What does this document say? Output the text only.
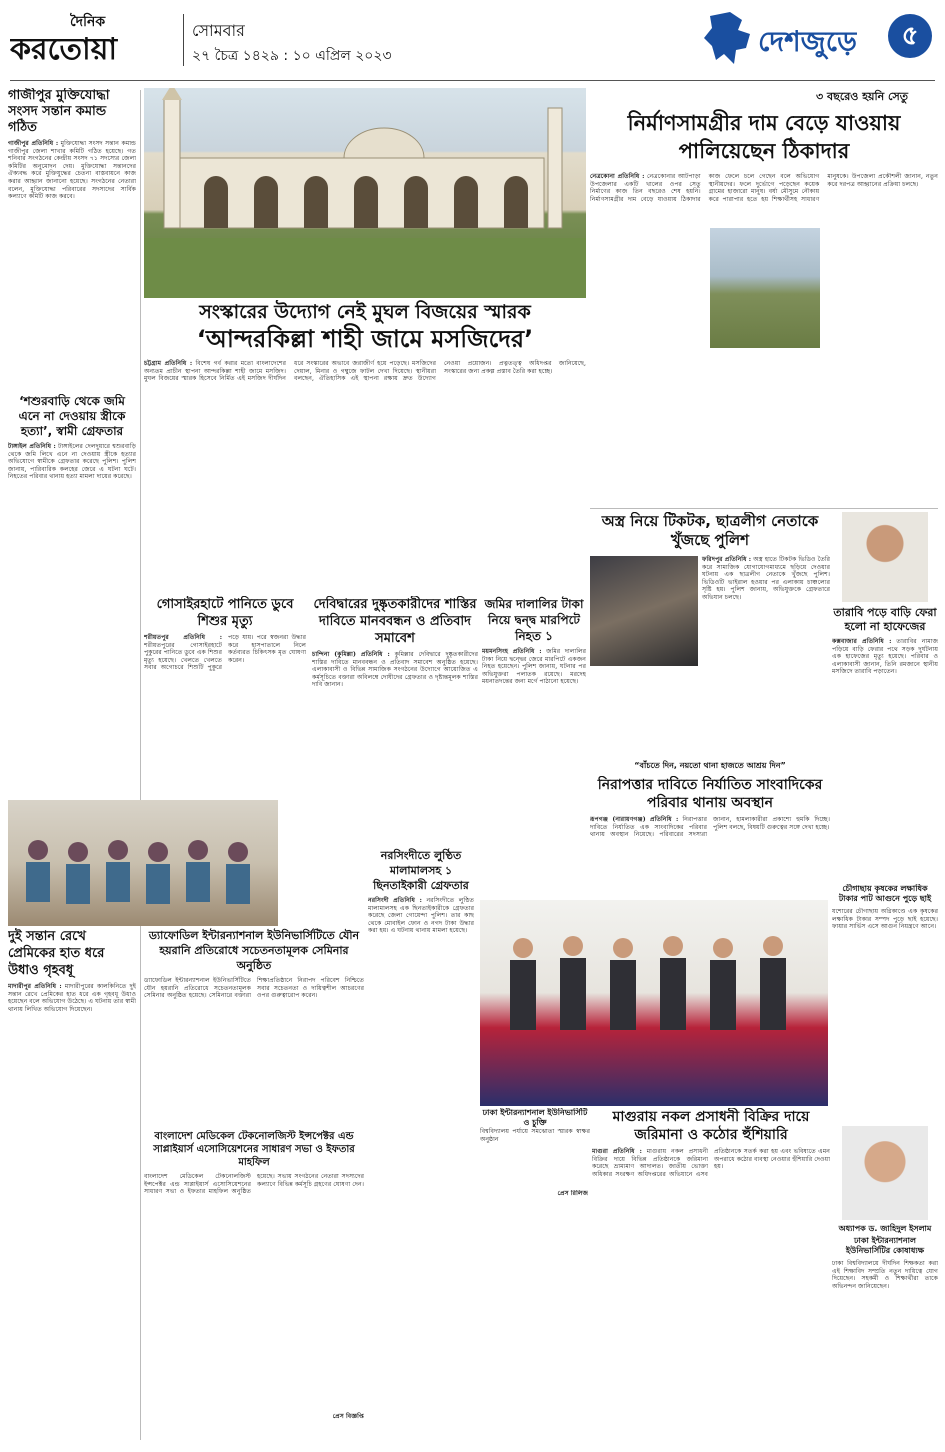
দৈনিক
করতোয়া
সোমবার
২৭ চৈত্র ১৪২৯ : ১০ এপ্রিল ২০২৩	দেশজুড়ে	৫
গাজীপুর মুক্তিযোদ্ধা সংসদ সন্তান কমান্ড গঠিত
গাজীপুর প্রতিনিধি : মুক্তিযোদ্ধা সংসদ সন্তান কমান্ড গাজীপুর জেলা শাখার কমিটি গঠিত হয়েছে। গত শনিবার সংগঠনের কেন্দ্রীয় সংসদ ৭১ সদস্যের জেলা কমিটির অনুমোদন দেয়। মুক্তিযোদ্ধা সন্তানদের ঐক্যবদ্ধ করে মুক্তিযুদ্ধের চেতনা বাস্তবায়নে কাজ করার আহ্বান জানানো হয়েছে। সংগঠনের নেতারা বলেন, মুক্তিযোদ্ধা পরিবারের সদস্যদের সার্বিক কল্যাণে কমিটি কাজ করবে।
‘শশুরবাড়ি থেকে জমি এনে না দেওয়ায় স্ত্রীকে হত্যা’, স্বামী গ্রেফতার
টাঙ্গাইল প্রতিনিধি : টাঙ্গাইলের দেলদুয়ারে শ্বশুরবাড়ি থেকে জমি লিখে এনে না দেওয়ায় স্ত্রীকে হত্যার অভিযোগে স্বামীকে গ্রেফতার করেছে পুলিশ। পুলিশ জানায়, পারিবারিক কলহের জেরে এ ঘটনা ঘটে। নিহতের পরিবার থানায় হত্যা মামলা দায়ের করেছে।
সংস্কারের উদ্যোগ নেই মুঘল বিজয়ের স্মারক
‘আন্দরকিল্লা শাহী জামে মসজিদের’
চট্টগ্রাম প্রতিনিধি : বিশেষ গর্ব করার মতো বাংলাদেশের অন্যতম প্রাচীন স্থাপনা আন্দরকিল্লা শাহী জামে মসজিদ। মুঘল বিজয়ের স্মারক হিসেবে নির্মিত এই মসজিদ দীর্ঘদিন ধরে সংস্কারের অভাবে জরাজীর্ণ হয়ে পড়েছে। মসজিদের দেয়াল, মিনার ও গম্বুজে ফাটল দেখা দিয়েছে। স্থানীয়রা বলছেন, ঐতিহাসিক এই স্থাপনা রক্ষায় দ্রুত উদ্যোগ নেওয়া প্রয়োজন। প্রত্নতত্ত্ব অধিদপ্তর জানিয়েছে, সংস্কারের জন্য প্রকল্প প্রস্তাব তৈরি করা হচ্ছে।
৩ বছরেও হয়নি সেতু
নির্মাণসামগ্রীর দাম বেড়ে যাওয়ায় পালিয়েছেন ঠিকাদার
নেত্রকোনা প্রতিনিধি : নেত্রকোনার আটপাড়া উপজেলার একটি খালের ওপর সেতু নির্মাণের কাজ তিন বছরেও শেষ হয়নি। নির্মাণসামগ্রীর দাম বেড়ে যাওয়ায় ঠিকাদার কাজ ফেলে চলে গেছেন বলে অভিযোগ স্থানীয়দের। ফলে দুর্ভোগে পড়েছেন কয়েক গ্রামের হাজারো মানুষ। বর্ষা মৌসুমে নৌকায় করে পারাপার হতে হয় শিক্ষার্থীসহ সাধারণ মানুষকে। উপজেলা প্রকৌশলী জানান, নতুন করে দরপত্র আহ্বানের প্রক্রিয়া চলছে।
অস্ত্র নিয়ে টিকটক, ছাত্রলীগ নেতাকে খুঁজছে পুলিশ
ফরিদপুর প্রতিনিধি : অস্ত্র হাতে টিকটক ভিডিও তৈরি করে সামাজিক যোগাযোগমাধ্যমে ছড়িয়ে দেওয়ার ঘটনায় এক ছাত্রলীগ নেতাকে খুঁজছে পুলিশ। ভিডিওটি ভাইরাল হওয়ার পর এলাকায় চাঞ্চল্যের সৃষ্টি হয়। পুলিশ জানায়, অভিযুক্তকে গ্রেফতারে অভিযান চলছে।
“বাঁচতে দিন, নয়তো থানা হাজতে আশ্রয় দিন”
তারাবি পড়ে বাড়ি ফেরা হলো না হাফেজের
কক্সবাজার প্রতিনিধি : তারাবির নামাজ পড়িয়ে বাড়ি ফেরার পথে সড়ক দুর্ঘটনায় এক হাফেজের মৃত্যু হয়েছে। পরিবার ও এলাকাবাসী জানান, তিনি রমজানে স্থানীয় মসজিদে তারাবি পড়াতেন।
নিরাপত্তার দাবিতে নির্যাতিত সাংবাদিকের পরিবার থানায় অবস্থান
রূপগঞ্জ (নারায়ণগঞ্জ) প্রতিনিধি : নিরাপত্তার দাবিতে নির্যাতিত এক সাংবাদিকের পরিবার থানায় অবস্থান নিয়েছে। পরিবারের সদস্যরা জানান, হামলাকারীরা প্রকাশ্যে হুমকি দিচ্ছে। পুলিশ বলছে, বিষয়টি গুরুত্বের সঙ্গে দেখা হচ্ছে।
চৌগাছায় কৃষকের লক্ষাধিক টাকার পাট আগুনে পুড়ে ছাই
যশোরের চৌগাছায় অগ্নিকাণ্ডে এক কৃষকের লক্ষাধিক টাকার সম্পদ পুড়ে ছাই হয়েছে। ফায়ার সার্ভিস এসে আগুন নিয়ন্ত্রণে আনে।
গোসাইরহাটে পানিতে ডুবে শিশুর মৃত্যু
শরীয়তপুর প্রতিনিধি : শরীয়তপুরের গোসাইরহাটে পুকুরের পানিতে ডুবে এক শিশুর মৃত্যু হয়েছে। খেলতে খেলতে সবার অগোচরে শিশুটি পুকুরে পড়ে যায়। পরে স্বজনরা উদ্ধার করে হাসপাতালে নিলে কর্তব্যরত চিকিৎসক মৃত ঘোষণা করেন।
দেবিদ্বারের দুষ্কৃতকারীদের শাস্তির দাবিতে মানববন্ধন ও প্রতিবাদ সমাবেশ
চান্দিনা (কুমিল্লা) প্রতিনিধি : কুমিল্লার দেবিদ্বারে দুষ্কৃতকারীদের শাস্তির দাবিতে মানববন্ধন ও প্রতিবাদ সমাবেশ অনুষ্ঠিত হয়েছে। এলাকাবাসী ও বিভিন্ন সামাজিক সংগঠনের উদ্যোগে আয়োজিত এ কর্মসূচিতে বক্তারা অবিলম্বে দোষীদের গ্রেফতার ও দৃষ্টান্তমূলক শাস্তির দাবি জানান।
জমির দালালির টাকা নিয়ে দ্বন্দ্ব মারপিটে নিহত ১
ময়মনসিংহ প্রতিনিধি : জমির দালালির টাকা নিয়ে দ্বন্দ্বের জেরে মারপিটে একজন নিহত হয়েছেন। পুলিশ জানায়, ঘটনার পর অভিযুক্তরা পলাতক রয়েছে। মরদেহ ময়নাতদন্তের জন্য মর্গে পাঠানো হয়েছে।
দুই সন্তান রেখে প্রেমিকের হাত ধরে উধাও গৃহবধূ
মাদারীপুর প্রতিনিধি : মাদারীপুরের কালকিনিতে দুই সন্তান রেখে প্রেমিকের হাত ধরে এক গৃহবধূ উধাও হয়েছেন বলে অভিযোগ উঠেছে। এ ঘটনায় তার স্বামী থানায় লিখিত অভিযোগ দিয়েছেন।
নরসিংদীতে লুণ্ঠিত মালামালসহ ১ ছিনতাইকারী গ্রেফতার
নরসিংদী প্রতিনিধি : নরসিংদীতে লুণ্ঠিত মালামালসহ এক ছিনতাইকারীকে গ্রেফতার করেছে জেলা গোয়েন্দা পুলিশ। তার কাছ থেকে মোবাইল ফোন ও নগদ টাকা উদ্ধার করা হয়। এ ঘটনায় থানায় মামলা হয়েছে।
ড্যাফোডিল ইন্টারন্যাশনাল ইউনিভার্সিটিতে যৌন হয়রানি প্রতিরোধে সচেতনতামূলক সেমিনার অনুষ্ঠিত
ড্যাফোডিল ইন্টারন্যাশনাল ইউনিভার্সিটিতে যৌন হয়রানি প্রতিরোধে সচেতনতামূলক সেমিনার অনুষ্ঠিত হয়েছে। সেমিনারে বক্তারা শিক্ষাপ্রতিষ্ঠানে নিরাপদ পরিবেশ নিশ্চিতে সবার সচেতনতা ও দায়িত্বশীল আচরণের ওপর গুরুত্বারোপ করেন।
বাংলাদেশ মেডিকেল টেকনোলজিস্ট ইন্সপেক্টর এন্ড সাপ্লাইয়ার্স এসোসিয়েশনের সাধারণ সভা ও ইফতার মাহফিল
বাংলাদেশ মেডিকেল টেকনোলজিস্ট ইন্সপেক্টর এন্ড সাপ্লাইয়ার্স এসোসিয়েশনের সাধারণ সভা ও ইফতার মাহফিল অনুষ্ঠিত হয়েছে। সভায় সংগঠনের নেতারা সদস্যদের কল্যাণে বিভিন্ন কর্মসূচি গ্রহণের ঘোষণা দেন।
প্রেস বিজ্ঞপ্তি
ঢাকা ইন্টারন্যাশনাল ইউনিভার্সিটি ও চুক্তি
বিশ্ববিদ্যালয় পর্যায়ে সমঝোতা স্মারক স্বাক্ষর অনুষ্ঠান
মাগুরায় নকল প্রসাধনী বিক্রির দায়ে জরিমানা ও কঠোর হুঁশিয়ারি
মাগুরা প্রতিনিধি : মাগুরায় নকল প্রসাধনী বিক্রির দায়ে বিভিন্ন প্রতিষ্ঠানকে জরিমানা করেছে ভ্রাম্যমাণ আদালত। জাতীয় ভোক্তা অধিকার সংরক্ষণ অধিদপ্তরের অভিযানে এসব প্রতিষ্ঠানকে সতর্ক করা হয় এবং ভবিষ্যতে এমন অপরাধে কঠোর ব্যবস্থা নেওয়ার হুঁশিয়ারি দেওয়া হয়।
প্রেস রিলিজ
অধ্যাপক ড. জাহিদুল ইসলাম
ঢাকা ইন্টারন্যাশনাল ইউনিভার্সিটির কোষাধ্যক্ষ
ঢাকা বিশ্ববিদ্যালয়ে দীর্ঘদিন শিক্ষকতা করা এই শিক্ষাবিদ সম্প্রতি নতুন দায়িত্বে যোগ দিয়েছেন। সহকর্মী ও শিক্ষার্থীরা তাকে অভিনন্দন জানিয়েছেন।
